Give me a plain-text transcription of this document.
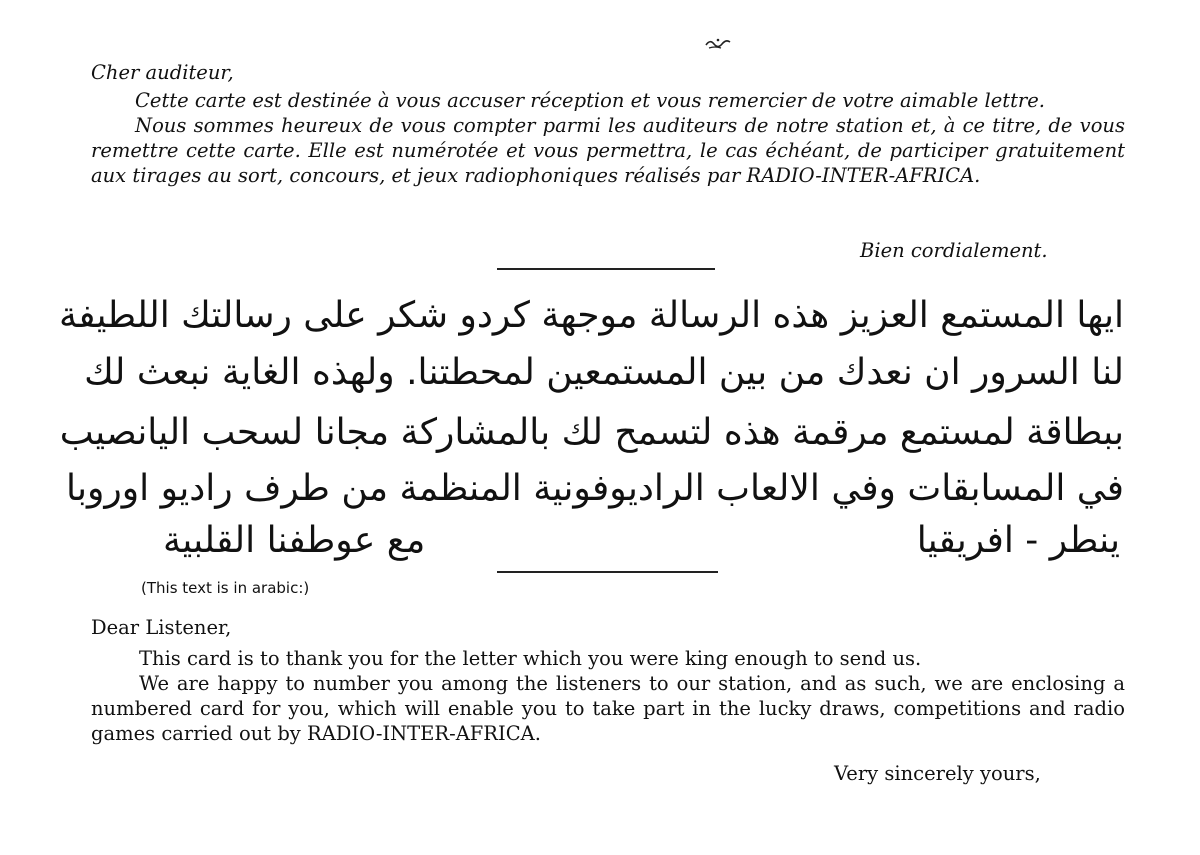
Cher auditeur,

Cette carte est destinée à vous accuser réception et vous remercier de votre aimable lettre.

Nous sommes heureux de vous compter parmi les auditeurs de notre station et, à ce titre, de vous remettre cette carte. Elle est numérotée et vous permettra, le cas échéant, de participer gratuitement aux tirages au sort, concours, et jeux radiophoniques réalisés par RADIO-INTER-AFRICA.

Bien cordialement.
ايها المستمع العزيز هذه الرسالة موجهة كردو شكر على رسالتك اللطيفة
لنا السرور ان نعدك من بين المستمعين لمحطتنا. ولهذه الغاية نبعث لك
ببطاقة لمستمع مرقمة هذه لتسمح لك بالمشاركة مجانا لسحب اليانصيب
في المسابقات وفي الالعاب الراديوفونية المنظمة من طرف راديو اوروبا
ينطر - افريقيا
مع عوطفنا القلبية
(This text is in arabic:)
Dear Listener,

This card is to thank you for the letter which you were king enough to send us.

We are happy to number you among the listeners to our station, and as such, we are enclosing a numbered card for you, which will enable you to take part in the lucky draws, competitions and radio games carried out by RADIO-INTER-AFRICA.

Very sincerely yours,
